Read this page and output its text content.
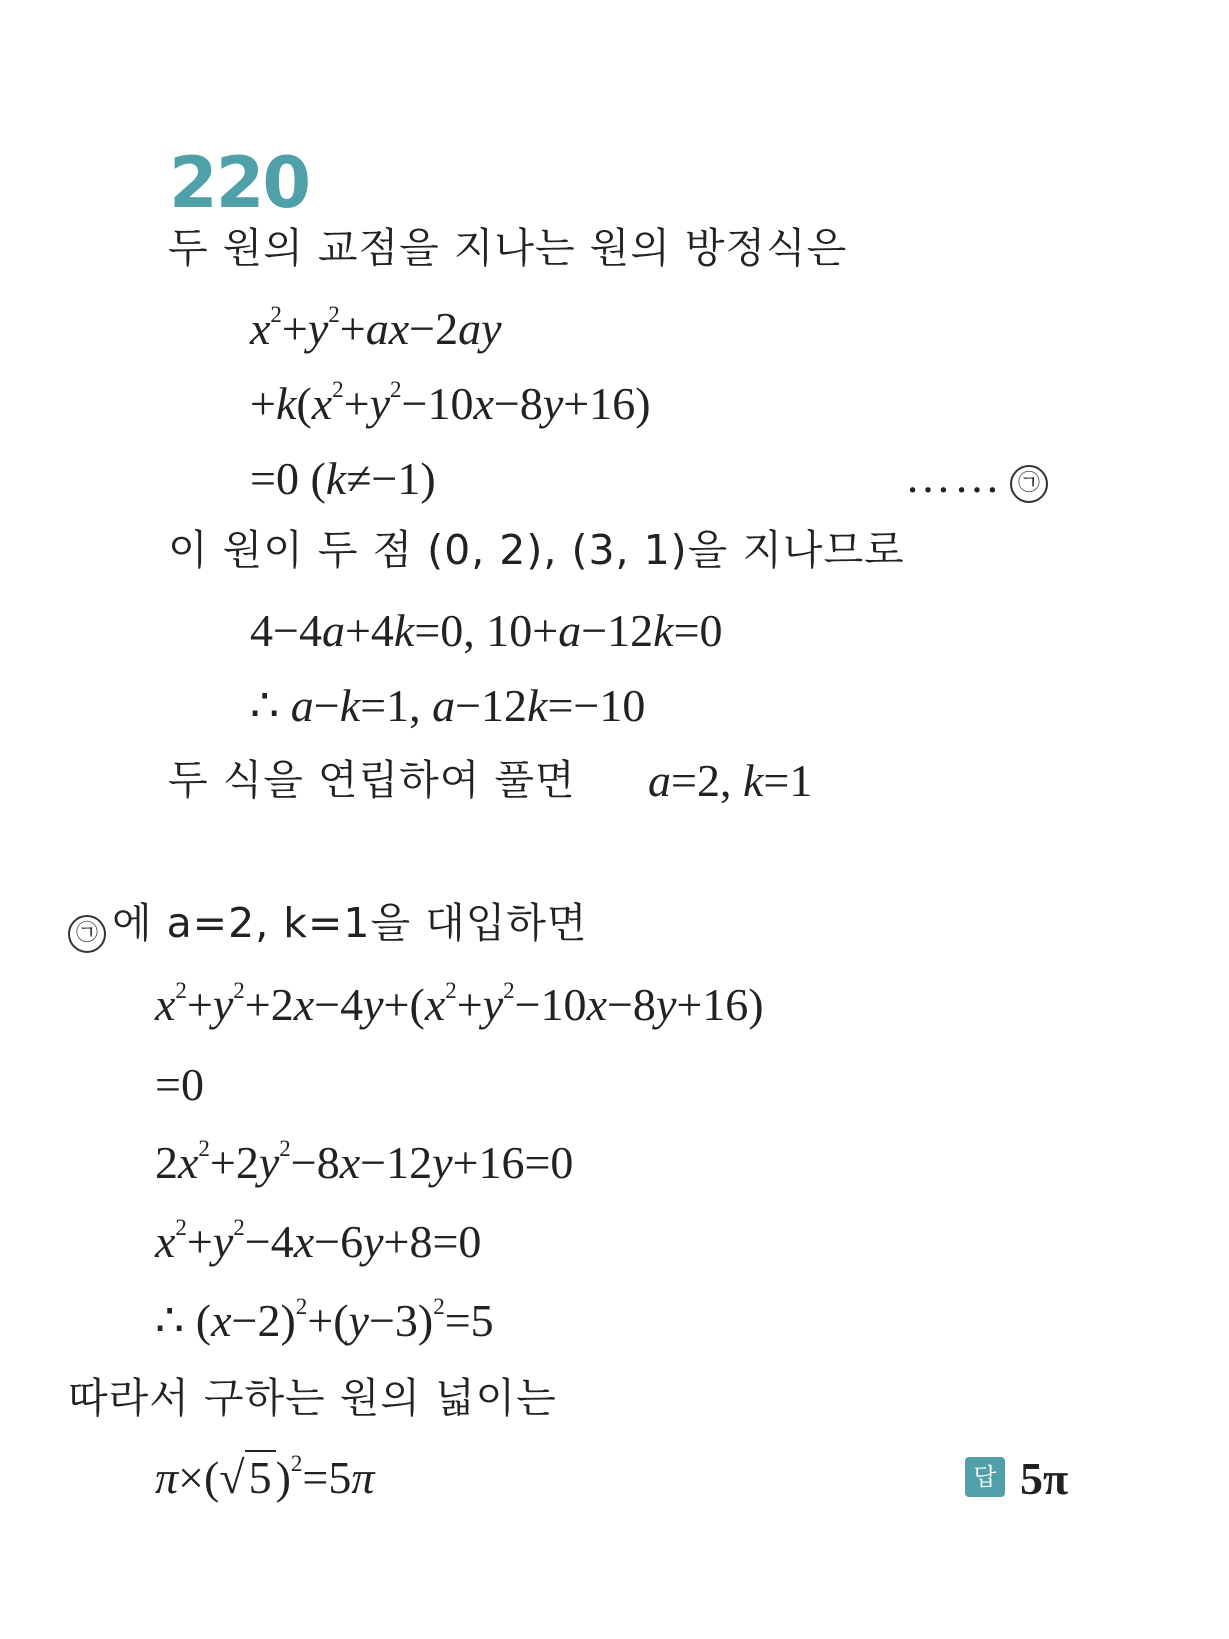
220
두 원의 교점을 지나는 원의 방정식은
$x^2+y^2+ax-2ay$
$+k(x^2+y^2-10x-8y+16)$
=0 (k≠−1)	…… ㉠
이 원이 두 점 (0, 2), (3, 1)을 지나므로
4−4a+4k=0, 10+a−12k=0
∴ a−k=1, a−12k=−10
두 식을 연립하여 풀면 a=2, k=1
㉠ 에 a=2, k=1을 대입하면
$x^2+y^2+2x-4y+(x^2+y^2-10x-8y+16)$
=0
$2x^2+2y^2-8x-12y+16=0$
$x^2+y^2-4x-6y+8=0$
∴ $(x-2)^2+(y-3)^2=5$
따라서 구하는 원의 넓이는
$\pi\times(√5)^2=5\pi$	답 5π
